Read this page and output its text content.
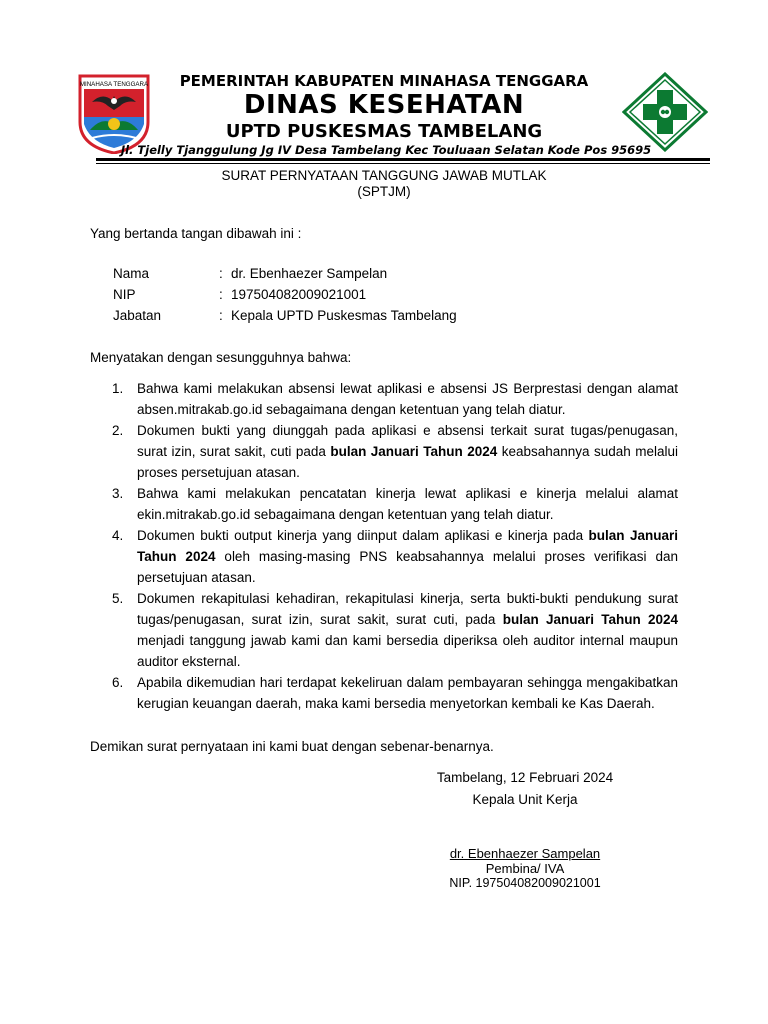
MINAHASA TENGGARA	PEMERINTAH KABUPATEN MINAHASA TENGGARA
DINAS KESEHATAN
UPTD PUSKESMAS TAMBELANG
Jl. Tjelly Tjanggulung Jg IV Desa Tambelang Kec Touluaan Selatan Kode Pos 95695
SURAT PERNYATAAN TANGGUNG JAWAB MUTLAK
(SPTJM)
Yang bertanda tangan dibawah ini :
Nama	: dr. Ebenhaezer Sampelan
NIP	: 197504082009021001
Jabatan	: Kepala UPTD Puskesmas Tambelang
Menyatakan dengan sesungguhnya bahwa:
1. Bahwa kami melakukan absensi lewat aplikasi e absensi JS Berprestasi dengan alamat absen.mitrakab.go.id sebagaimana dengan ketentuan yang telah diatur.
2. Dokumen bukti yang diunggah pada aplikasi e absensi terkait surat tugas/penugasan, surat izin, surat sakit, cuti pada bulan Januari Tahun 2024 keabsahannya sudah melalui proses persetujuan atasan.
3. Bahwa kami melakukan pencatatan kinerja lewat aplikasi e kinerja melalui alamat ekin.mitrakab.go.id sebagaimana dengan ketentuan yang telah diatur.
4. Dokumen bukti output kinerja yang diinput dalam aplikasi e kinerja pada bulan Januari Tahun 2024 oleh masing-masing PNS keabsahannya melalui proses verifikasi dan persetujuan atasan.
5. Dokumen rekapitulasi kehadiran, rekapitulasi kinerja, serta bukti-bukti pendukung surat tugas/penugasan, surat izin, surat sakit, surat cuti, pada bulan Januari Tahun 2024 menjadi tanggung jawab kami dan kami bersedia diperiksa oleh auditor internal maupun auditor eksternal.
6. Apabila dikemudian hari terdapat kekeliruan dalam pembayaran sehingga mengakibatkan kerugian keuangan daerah, maka kami bersedia menyetorkan kembali ke Kas Daerah.
Demikan surat pernyataan ini kami buat dengan sebenar-benarnya.
Tambelang, 12 Februari 2024
Kepala Unit Kerja
dr. Ebenhaezer Sampelan
Pembina/ IVA
NIP. 197504082009021001
